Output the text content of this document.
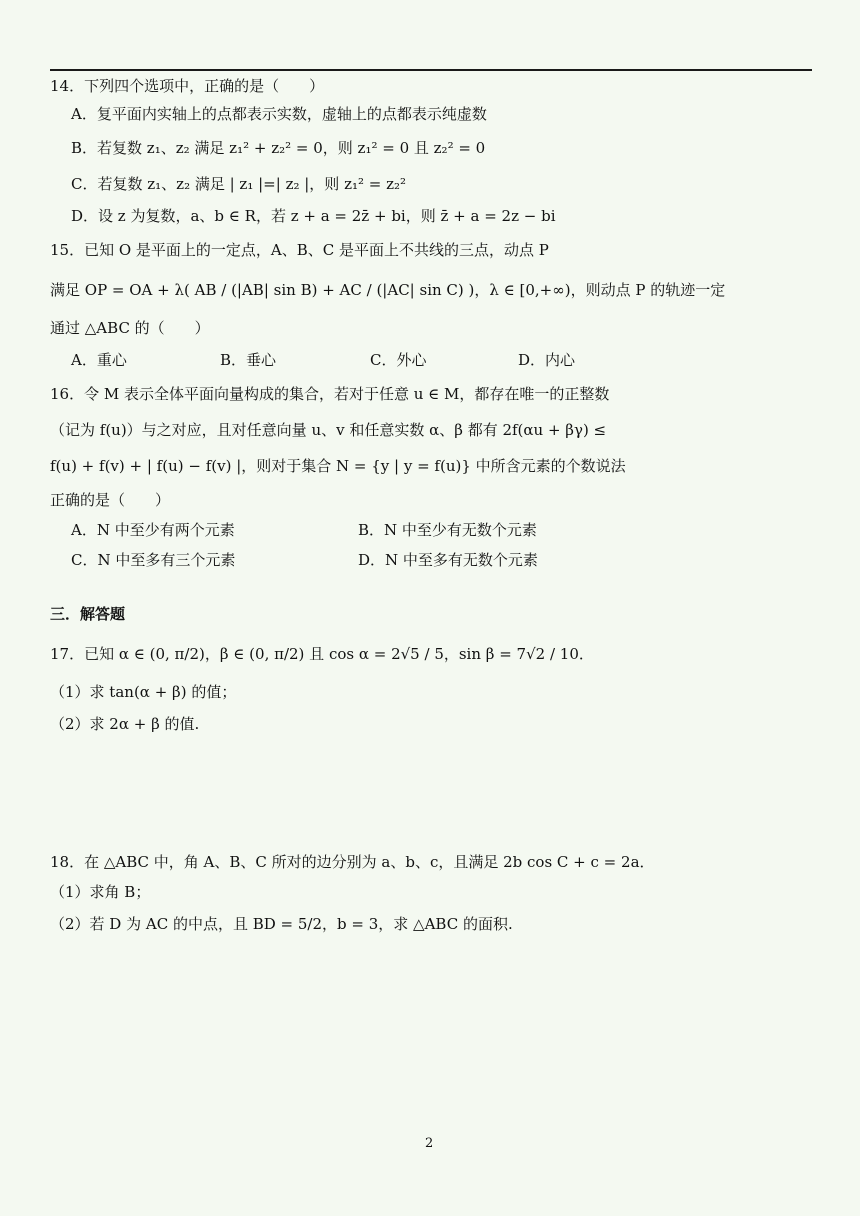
14．下列四个选项中，正确的是（　　）
A．复平面内实轴上的点都表示实数，虚轴上的点都表示纯虚数
B．若复数 z₁、z₂ 满足 z₁² + z₂² = 0，则 z₁² = 0 且 z₂² = 0
C．若复数 z₁、z₂ 满足 | z₁ |=| z₂ |，则 z₁² = z₂²
D．设 z 为复数，a、b ∈ R，若 z + a = 2z̄ + bi，则 z̄ + a = 2z − bi
15．已知 O 是平面上的一定点，A、B、C 是平面上不共线的三点，动点 P
满足 OP = OA + λ( AB / (|AB| sin B) + AC / (|AC| sin C) )，λ ∈ [0,+∞)，则动点 P 的轨迹一定
通过 △ABC 的（　　）
A．重心	B．垂心	C．外心	D．内心
16．令 M 表示全体平面向量构成的集合，若对于任意 u ∈ M，都存在唯一的正整数
（记为 f(u)）与之对应，且对任意向量 u、v 和任意实数 α、β 都有 2f(αu + βγ) ≤
f(u) + f(v) + | f(u) − f(v) |，则对于集合 N = {y | y = f(u)} 中所含元素的个数说法
正确的是（　　）
A．N 中至少有两个元素	B．N 中至少有无数个元素
C．N 中至多有三个元素	D．N 中至多有无数个元素
三．解答题
17．已知 α ∈ (0, π/2)，β ∈ (0, π/2) 且 cos α = 2√5 / 5，sin β = 7√2 / 10．
（1）求 tan(α + β) 的值；
（2）求 2α + β 的值.
18．在 △ABC 中，角 A、B、C 所对的边分别为 a、b、c，且满足 2b cos C + c = 2a．
（1）求角 B；
（2）若 D 为 AC 的中点，且 BD = 5/2，b = 3，求 △ABC 的面积.
2
